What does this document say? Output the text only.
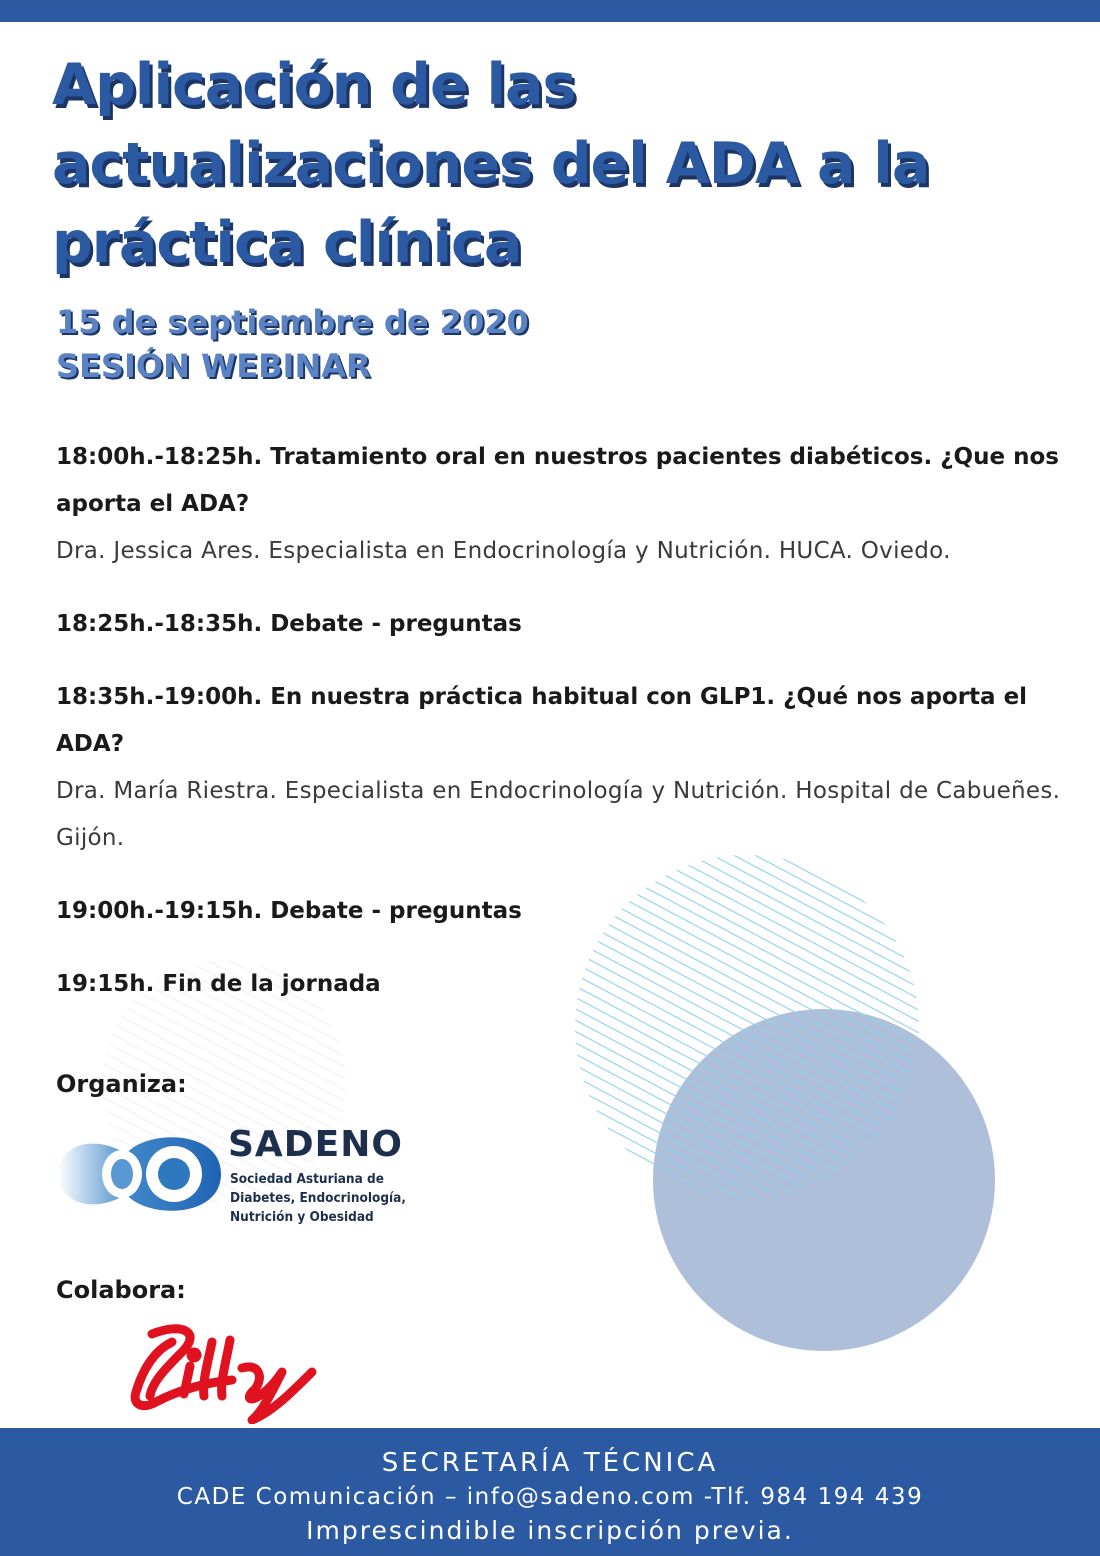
Aplicación de las
actualizaciones del ADA a la
práctica clínica
15 de septiembre de 2020
SESIÓN WEBINAR
18:00h.-18:25h. Tratamiento oral en nuestros pacientes diabéticos. ¿Que nos aporta el ADA?
Dra. Jessica Ares. Especialista en Endocrinología y Nutrición. HUCA. Oviedo.
18:25h.-18:35h. Debate - preguntas
18:35h.-19:00h. En nuestra práctica habitual con GLP1. ¿Qué nos aporta el ADA?
Dra. María Riestra. Especialista en Endocrinología y Nutrición. Hospital de Cabueñes. Gijón.
19:00h.-19:15h. Debate - preguntas
19:15h. Fin de la jornada
Organiza:
SADENO
Sociedad Asturiana de
Diabetes, Endocrinología,
Nutrición y Obesidad
Colabora:
SECRETARÍA TÉCNICA
CADE Comunicación – info@sadeno.com -Tlf. 984 194 439
Imprescindible inscripción previa.
